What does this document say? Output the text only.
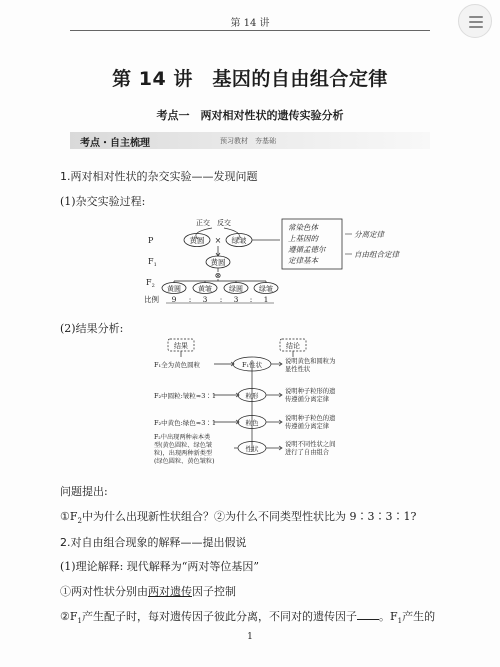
第 14 讲
第 14 讲　基因的自由组合定律
考点一　两对相对性状的遗传实验分析
考点・自主梳理	预习教材　夯基础
1.两对相对性状的杂交实验——发现问题
(1)杂交实验过程:
正交　反交
P
$F_1$
$F_2$
黄圆 × 绿皱
黄圆
⊗
黄圆 黄皱 绿圆 绿皱
比例 9 : 3 : 3 : 1
常染色体
上基因的
遵循孟德尔
定律基本
分离定律
自由组合定律
(2)结果分析:
结果	结论
F₁全为黄色圆粒
F₂中圆粒:皱粒≈3∶1
F₂中黄色:绿色≈3∶1
F₂中出现两种亲本类
型(黄色圆粒、绿色皱
粒)，出现两种新类型
(绿色圆粒、黄色皱粒)
F₁性状
粒形
粒色
性状
说明黄色和圆粒为
显性性状
说明种子粒形的遗
传遵循分离定律
说明种子粒色的遗
传遵循分离定律
说明不同性状之间
进行了自由组合
问题提出:
$①F_2$中为什么出现新性状组合？②为什么不同类型性状比为 9∶3∶3∶1?
2.对自由组合现象的解释——提出假说
(1)理论解释: 现代解释为“两对等位基因”
①两对性状分别由两对遗传因子控制
$②F_1$产生配子时，每对遗传因子彼此分离，不同对的遗传因子 。$F_1$产生的
1
